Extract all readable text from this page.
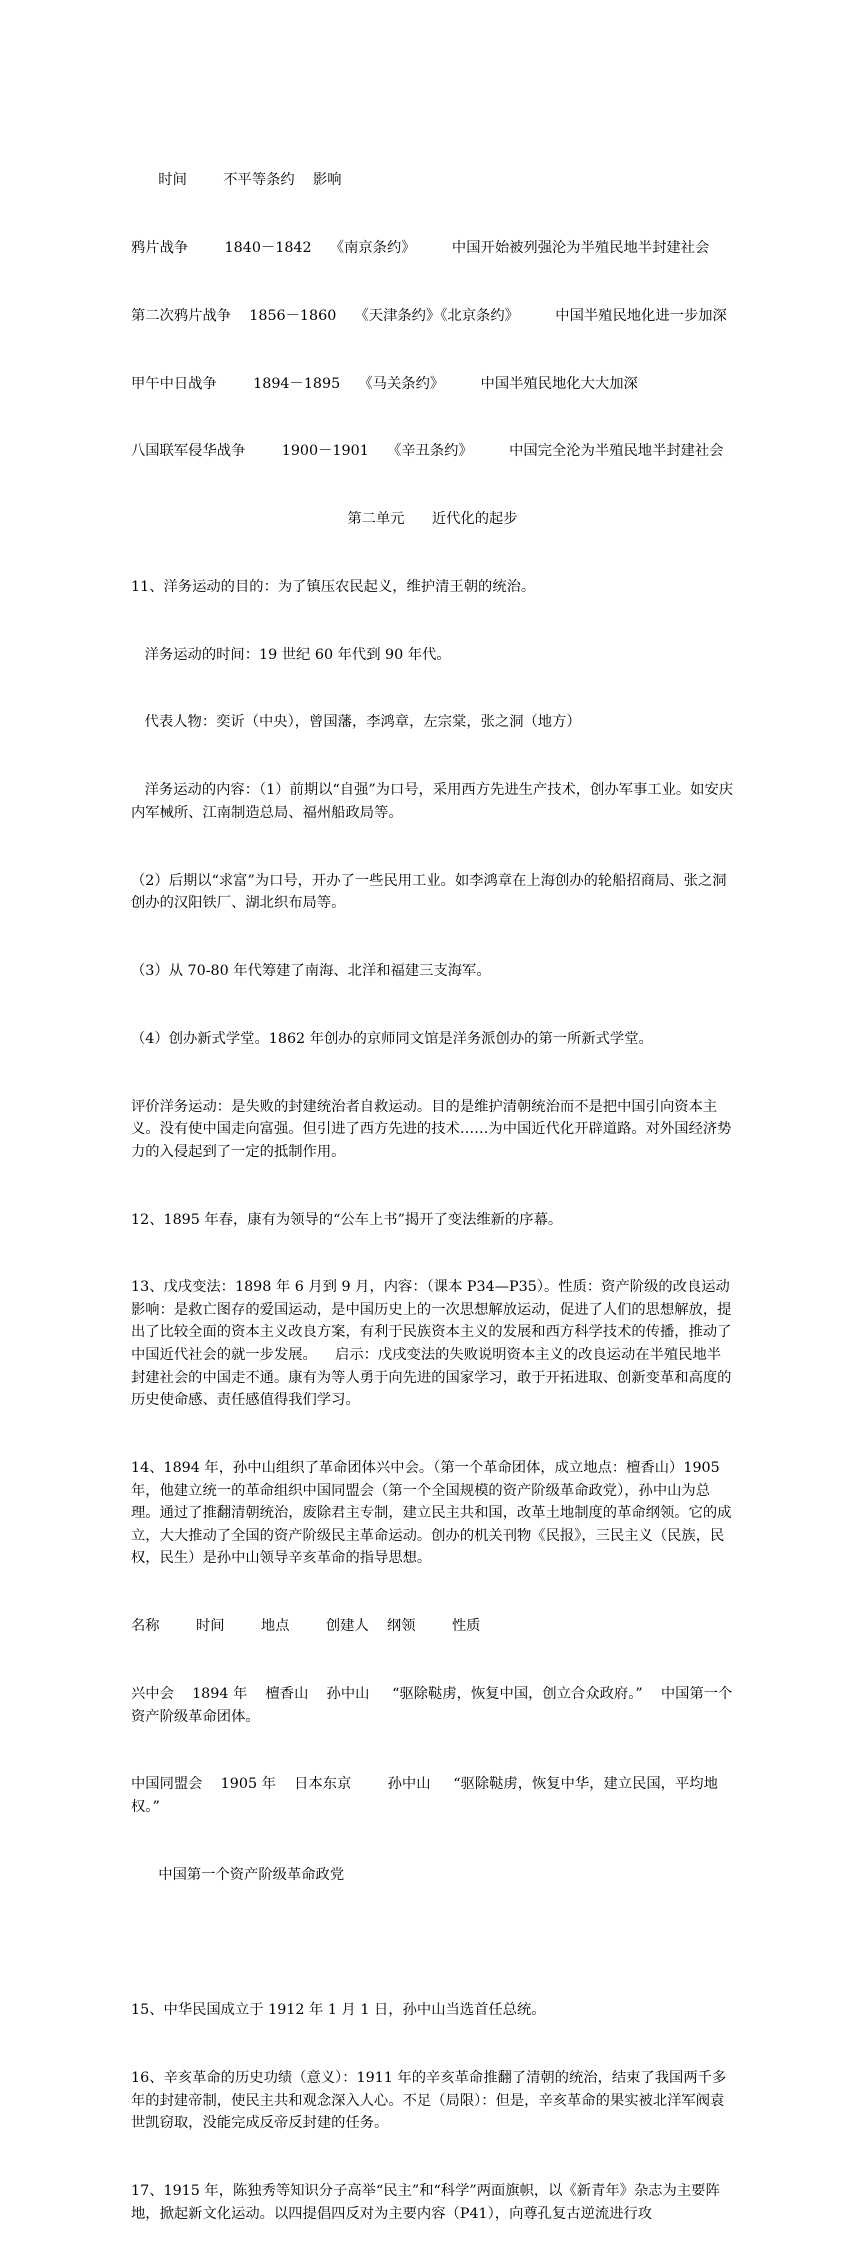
时间        不平等条约    影响

鸦片战争        1840－1842    《南京条约》        中国开始被列强沦为半殖民地半封建社会

第二次鸦片战争    1856－1860    《天津条约》《北京条约》        中国半殖民地化进一步加深

甲午中日战争        1894－1895    《马关条约》        中国半殖民地化大大加深

八国联军侵华战争        1900－1901    《辛丑条约》        中国完全沦为半殖民地半封建社会

第二单元      近代化的起步

11、洋务运动的目的：为了镇压农民起义，维护清王朝的统治。

洋务运动的时间：19 世纪 60 年代到 90 年代。

代表人物：奕䜣（中央），曾国藩，李鸿章，左宗棠，张之洞（地方）

洋务运动的内容：（1）前期以“自强”为口号，采用西方先进生产技术，创办军事工业。如安庆内军械所、江南制造总局、福州船政局等。

（2）后期以“求富”为口号，开办了一些民用工业。如李鸿章在上海创办的轮船招商局、张之洞创办的汉阳铁厂、湖北织布局等。

（3）从 70-80 年代筹建了南海、北洋和福建三支海军。

（4）创办新式学堂。1862 年创办的京师同文馆是洋务派创办的第一所新式学堂。

评价洋务运动：是失败的封建统治者自救运动。目的是维护清朝统治而不是把中国引向资本主义。没有使中国走向富强。但引进了西方先进的技术……为中国近代化开辟道路。对外国经济势力的入侵起到了一定的抵制作用。

12、1895 年春，康有为领导的“公车上书”揭开了变法维新的序幕。

13、戊戌变法：1898 年 6 月到 9 月，内容：（课本 P34—P35）。性质：资产阶级的改良运动  影响：是救亡图存的爱国运动，是中国历史上的一次思想解放运动，促进了人们的思想解放，提出了比较全面的资本主义改良方案，有利于民族资本主义的发展和西方科学技术的传播，推动了中国近代社会的就一步发展。    启示：戊戌变法的失败说明资本主义的改良运动在半殖民地半封建社会的中国走不通。康有为等人勇于向先进的国家学习，敢于开拓进取、创新变革和高度的历史使命感、责任感值得我们学习。

14、1894 年，孙中山组织了革命团体兴中会。（第一个革命团体，成立地点：檀香山）1905 年，他建立统一的革命组织中国同盟会（第一个全国规模的资产阶级革命政党），孙中山为总理。通过了推翻清朝统治，废除君主专制，建立民主共和国，改革土地制度的革命纲领。它的成立，大大推动了全国的资产阶级民主革命运动。创办的机关刊物《民报》，三民主义（民族，民权，民生）是孙中山领导辛亥革命的指导思想。

名称        时间        地点        创建人    纲领        性质

兴中会    1894 年    檀香山    孙中山     “驱除鞑虏，恢复中国，创立合众政府。”    中国第一个资产阶级革命团体。

中国同盟会    1905 年    日本东京        孙中山     “驱除鞑虏，恢复中华，建立民国，平均地权。”

中国第一个资产阶级革命政党

15、中华民国成立于 1912 年 1 月 1 日，孙中山当选首任总统。

16、辛亥革命的历史功绩（意义）：1911 年的辛亥革命推翻了清朝的统治，结束了我国两千多年的封建帝制，使民主共和观念深入人心。不足（局限）：但是，辛亥革命的果实被北洋军阀袁世凯窃取，没能完成反帝反封建的任务。

17、1915 年，陈独秀等知识分子高举“民主”和“科学”两面旗帜，以《新青年》杂志为主要阵地，掀起新文化运动。以四提倡四反对为主要内容（P41），向尊孔复古逆流进行攻
